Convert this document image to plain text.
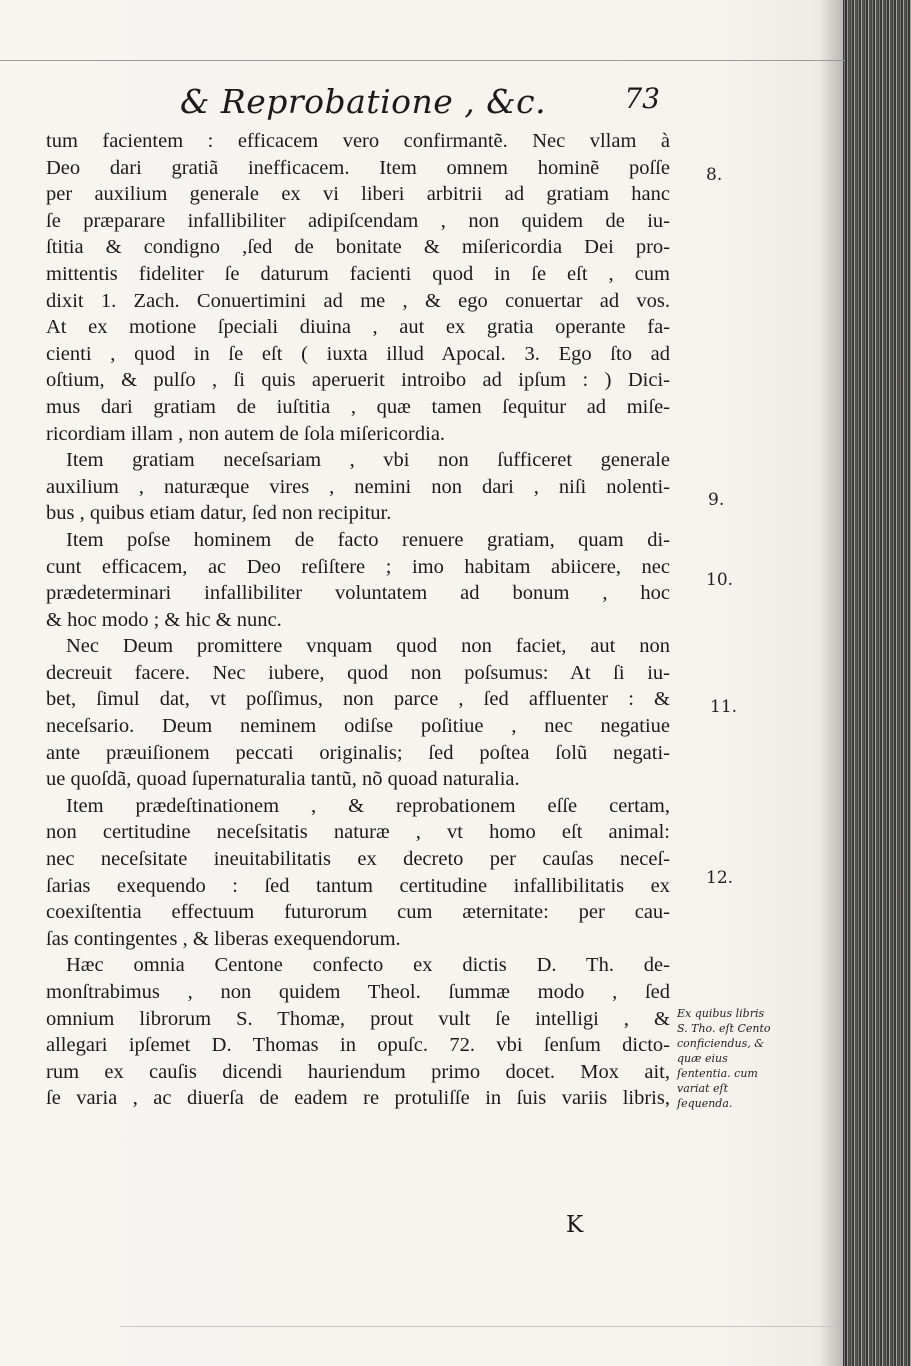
& Reprobatione , &c.	73

tum facientem : efficacem vero confirmantẽ. Nec vllam à
Deo dari gratiã inefficacem. Item omnem hominẽ poſſe
per auxilium generale ex vi liberi arbitrii ad gratiam hanc
ſe præparare infallibiliter adipiſcendam , non quidem de iu-
ſtitia & condigno ,ſed de bonitate & miſericordia Dei pro-
mittentis fideliter ſe daturum facienti quod in ſe eſt , cum
dixit 1. Zach. Conuertimini ad me , & ego conuertar ad vos.
At ex motione ſpeciali diuina , aut ex gratia operante fa-
cienti , quod in ſe eſt ( iuxta illud Apocal. 3. Ego ſto ad
oſtium, & pulſo , ſi quis aperuerit introibo ad ipſum : ) Dici-
mus dari gratiam de iuſtitia , quæ tamen ſequitur ad miſe-
ricordiam illam , non autem de ſola miſericordia.

Item gratiam neceſsariam , vbi non ſufficeret generale
auxilium , naturæque vires , nemini non dari , niſi nolenti-
bus , quibus etiam datur, ſed non recipitur.

Item poſse hominem de facto renuere gratiam, quam di-
cunt efficacem, ac Deo reſiſtere ; imo habitam abiicere, nec
prædeterminari infallibiliter voluntatem ad bonum , hoc
& hoc modo ; & hic & nunc.

Nec Deum promittere vnquam quod non faciet, aut non
decreuit facere. Nec iubere, quod non poſsumus: At ſi iu-
bet, ſimul dat, vt poſſimus, non parce , ſed affluenter : &
neceſsario. Deum neminem odiſse poſitiue , nec negatiue
ante præuiſionem peccati originalis; ſed poſtea ſolũ negati-
ue quoſdã, quoad ſupernaturalia tantũ, nõ quoad naturalia.

Item prædeſtinationem , & reprobationem eſſe certam,
non certitudine neceſsitatis naturæ , vt homo eſt animal:
nec neceſsitate ineuitabilitatis ex decreto per cauſas neceſ-
ſarias exequendo : ſed tantum certitudine infallibilitatis ex
coexiſtentia effectuum futurorum cum æternitate: per cau-
ſas contingentes , & liberas exequendorum.

Hæc omnia Centone confecto ex dictis D. Th. de-
monſtrabimus , non quidem Theol. ſummæ modo , ſed
omnium librorum S. Thomæ, prout vult ſe intelligi , &
allegari ipſemet D. Thomas in opuſc. 72. vbi ſenſum dicto-
rum ex cauſis dicendi hauriendum primo docet. Mox ait,
ſe varia , ac diuerſa de eadem re protuliſſe in ſuis variis libris,

8.
9.
10.
11.
12.
Ex quibus libris S. Tho. eſt Cento conficiendus, & quæ eius ſententia. cum variat eſt ſequenda.
K
